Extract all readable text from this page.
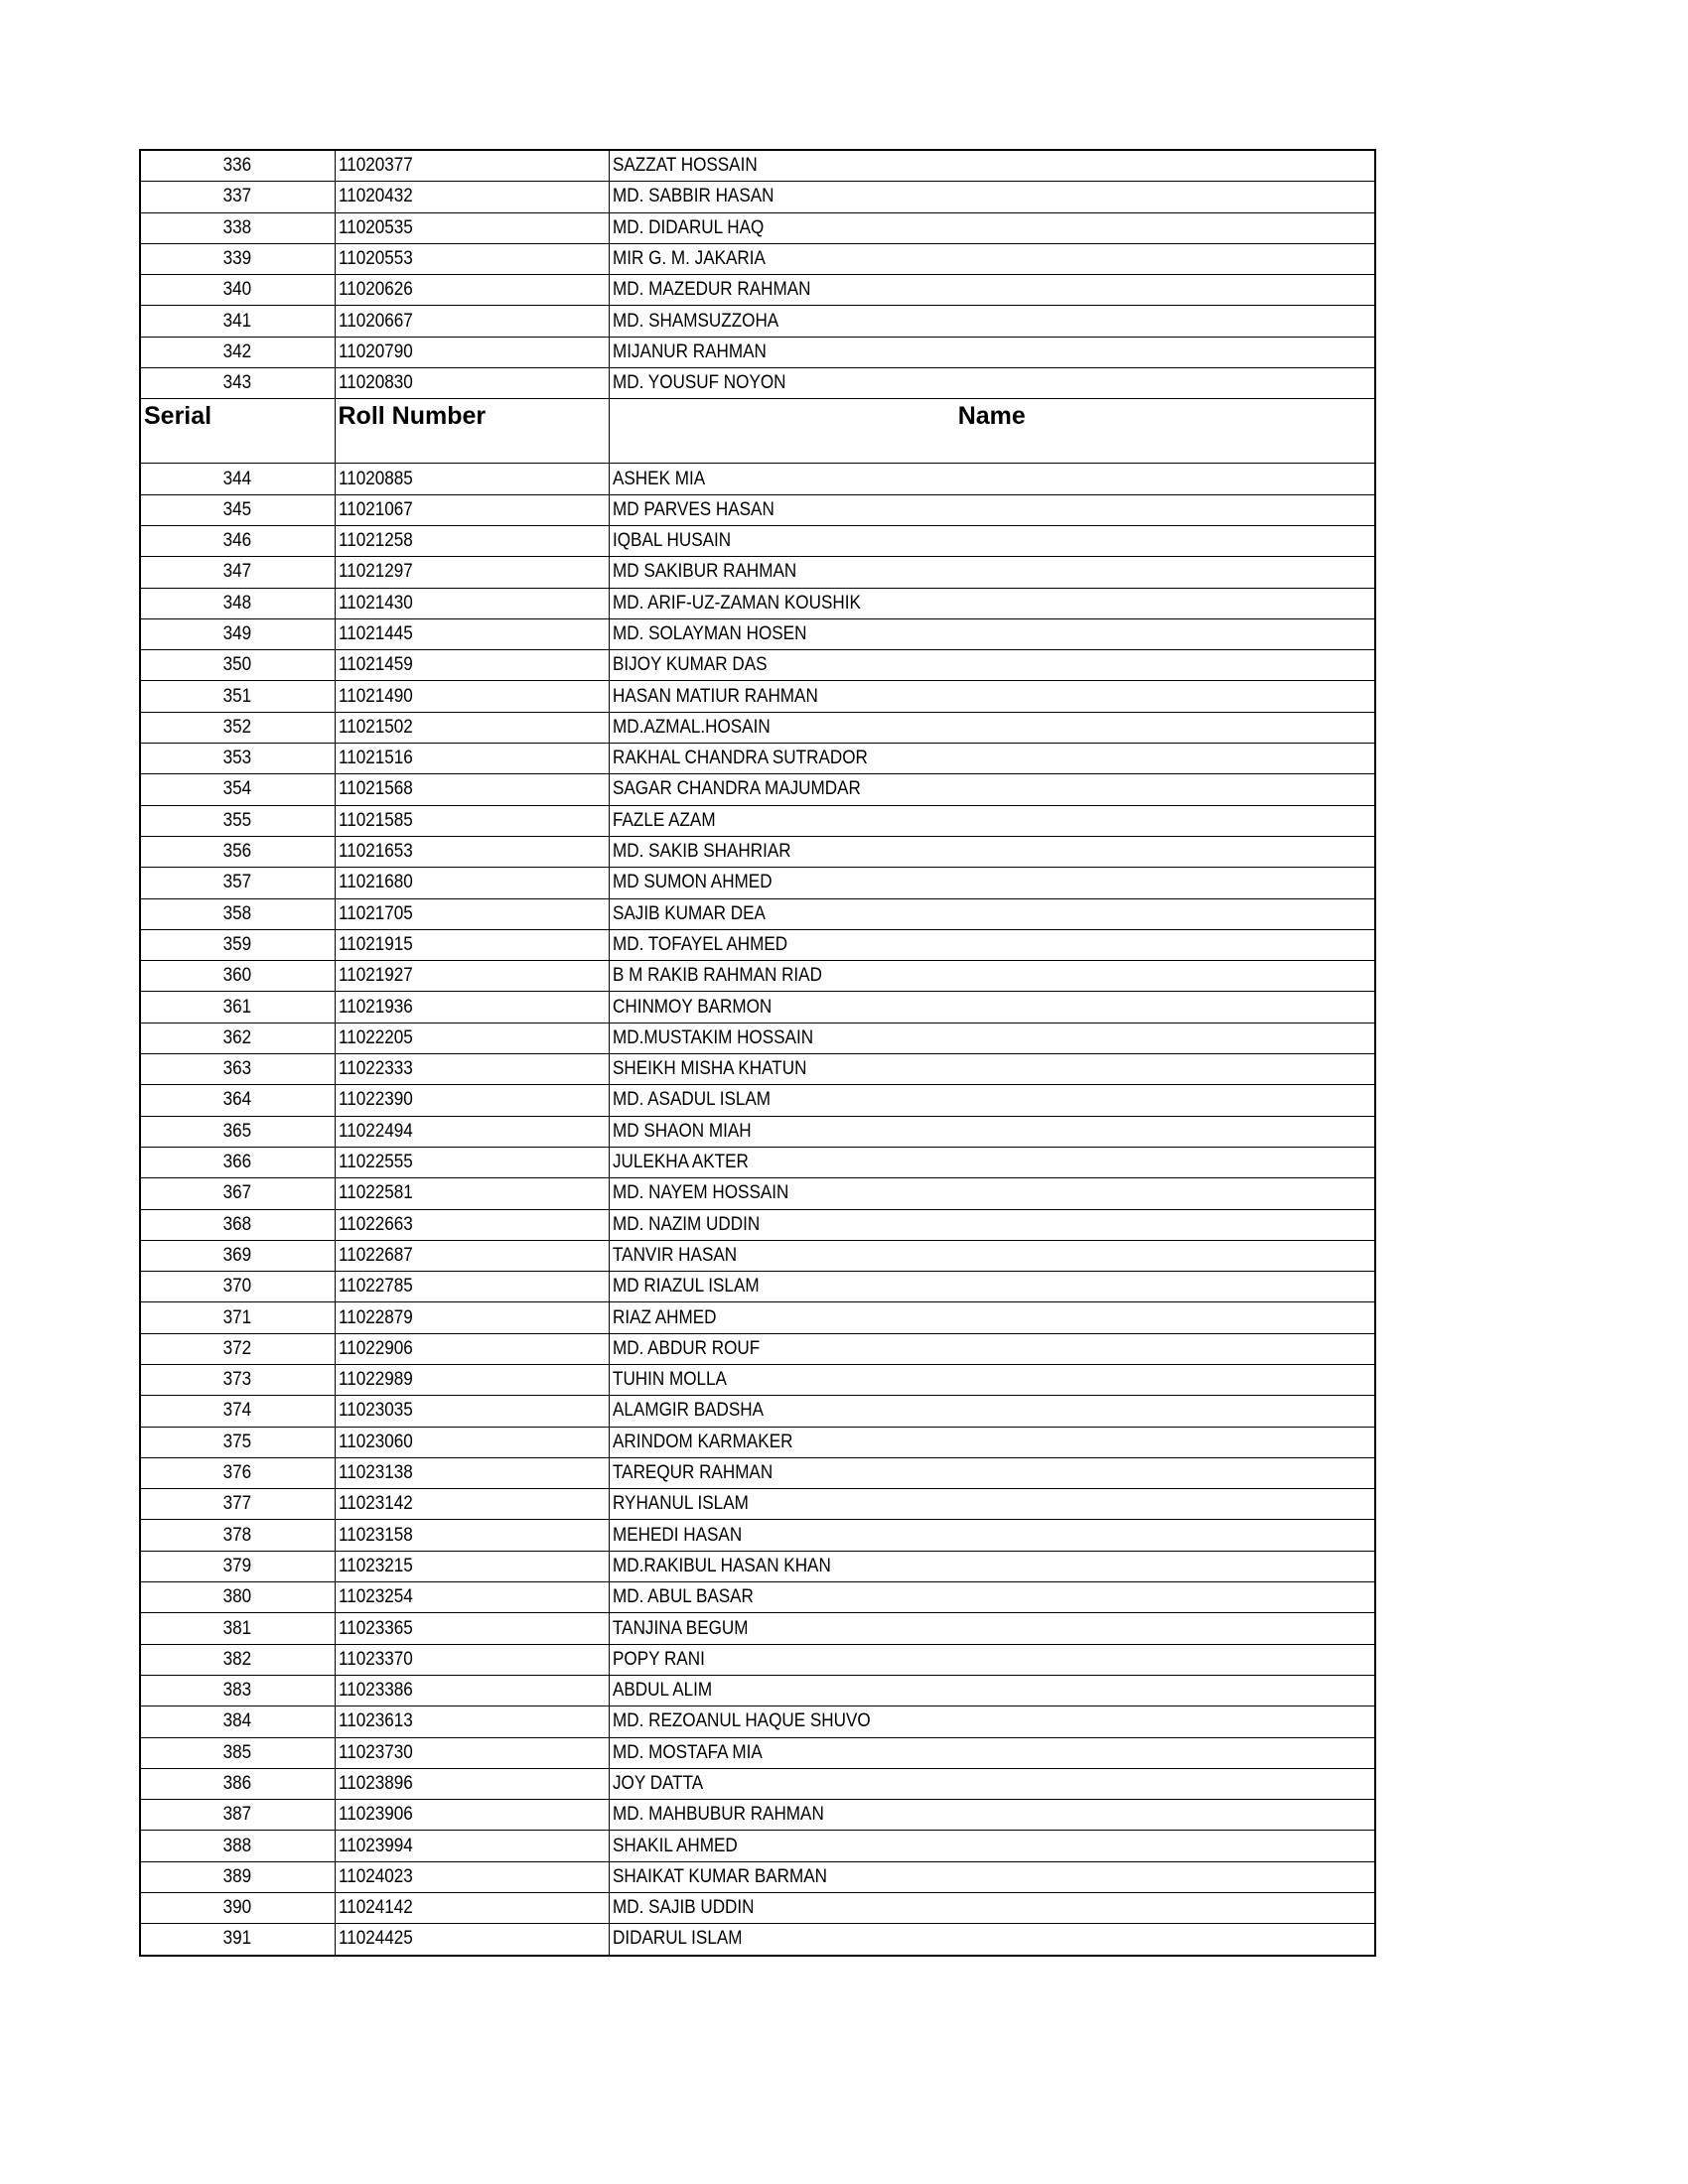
336	11020377	SAZZAT HOSSAIN
337	11020432	MD. SABBIR HASAN
338	11020535	MD. DIDARUL HAQ
339	11020553	MIR G. M. JAKARIA
340	11020626	MD. MAZEDUR RAHMAN
341	11020667	MD. SHAMSUZZOHA
342	11020790	MIJANUR RAHMAN
343	11020830	MD. YOUSUF NOYON
Serial	Roll Number	Name
344	11020885	ASHEK MIA
345	11021067	MD PARVES HASAN
346	11021258	IQBAL HUSAIN
347	11021297	MD SAKIBUR RAHMAN
348	11021430	MD. ARIF-UZ-ZAMAN KOUSHIK
349	11021445	MD. SOLAYMAN HOSEN
350	11021459	BIJOY KUMAR DAS
351	11021490	HASAN MATIUR RAHMAN
352	11021502	MD.AZMAL.HOSAIN
353	11021516	RAKHAL CHANDRA SUTRADOR
354	11021568	SAGAR CHANDRA MAJUMDAR
355	11021585	FAZLE AZAM
356	11021653	MD. SAKIB SHAHRIAR
357	11021680	MD SUMON AHMED
358	11021705	SAJIB KUMAR DEA
359	11021915	MD. TOFAYEL AHMED
360	11021927	B M RAKIB RAHMAN RIAD
361	11021936	CHINMOY BARMON
362	11022205	MD.MUSTAKIM HOSSAIN
363	11022333	SHEIKH MISHA KHATUN
364	11022390	MD. ASADUL ISLAM
365	11022494	MD SHAON MIAH
366	11022555	JULEKHA AKTER
367	11022581	MD. NAYEM HOSSAIN
368	11022663	MD. NAZIM UDDIN
369	11022687	TANVIR HASAN
370	11022785	MD RIAZUL ISLAM
371	11022879	RIAZ AHMED
372	11022906	MD. ABDUR ROUF
373	11022989	TUHIN MOLLA
374	11023035	ALAMGIR BADSHA
375	11023060	ARINDOM KARMAKER
376	11023138	TAREQUR RAHMAN
377	11023142	RYHANUL ISLAM
378	11023158	MEHEDI HASAN
379	11023215	MD.RAKIBUL HASAN KHAN
380	11023254	MD. ABUL BASAR
381	11023365	TANJINA BEGUM
382	11023370	POPY RANI
383	11023386	ABDUL ALIM
384	11023613	MD. REZOANUL HAQUE SHUVO
385	11023730	MD. MOSTAFA MIA
386	11023896	JOY DATTA
387	11023906	MD. MAHBUBUR RAHMAN
388	11023994	SHAKIL AHMED
389	11024023	SHAIKAT KUMAR BARMAN
390	11024142	MD. SAJIB UDDIN
391	11024425	DIDARUL ISLAM
